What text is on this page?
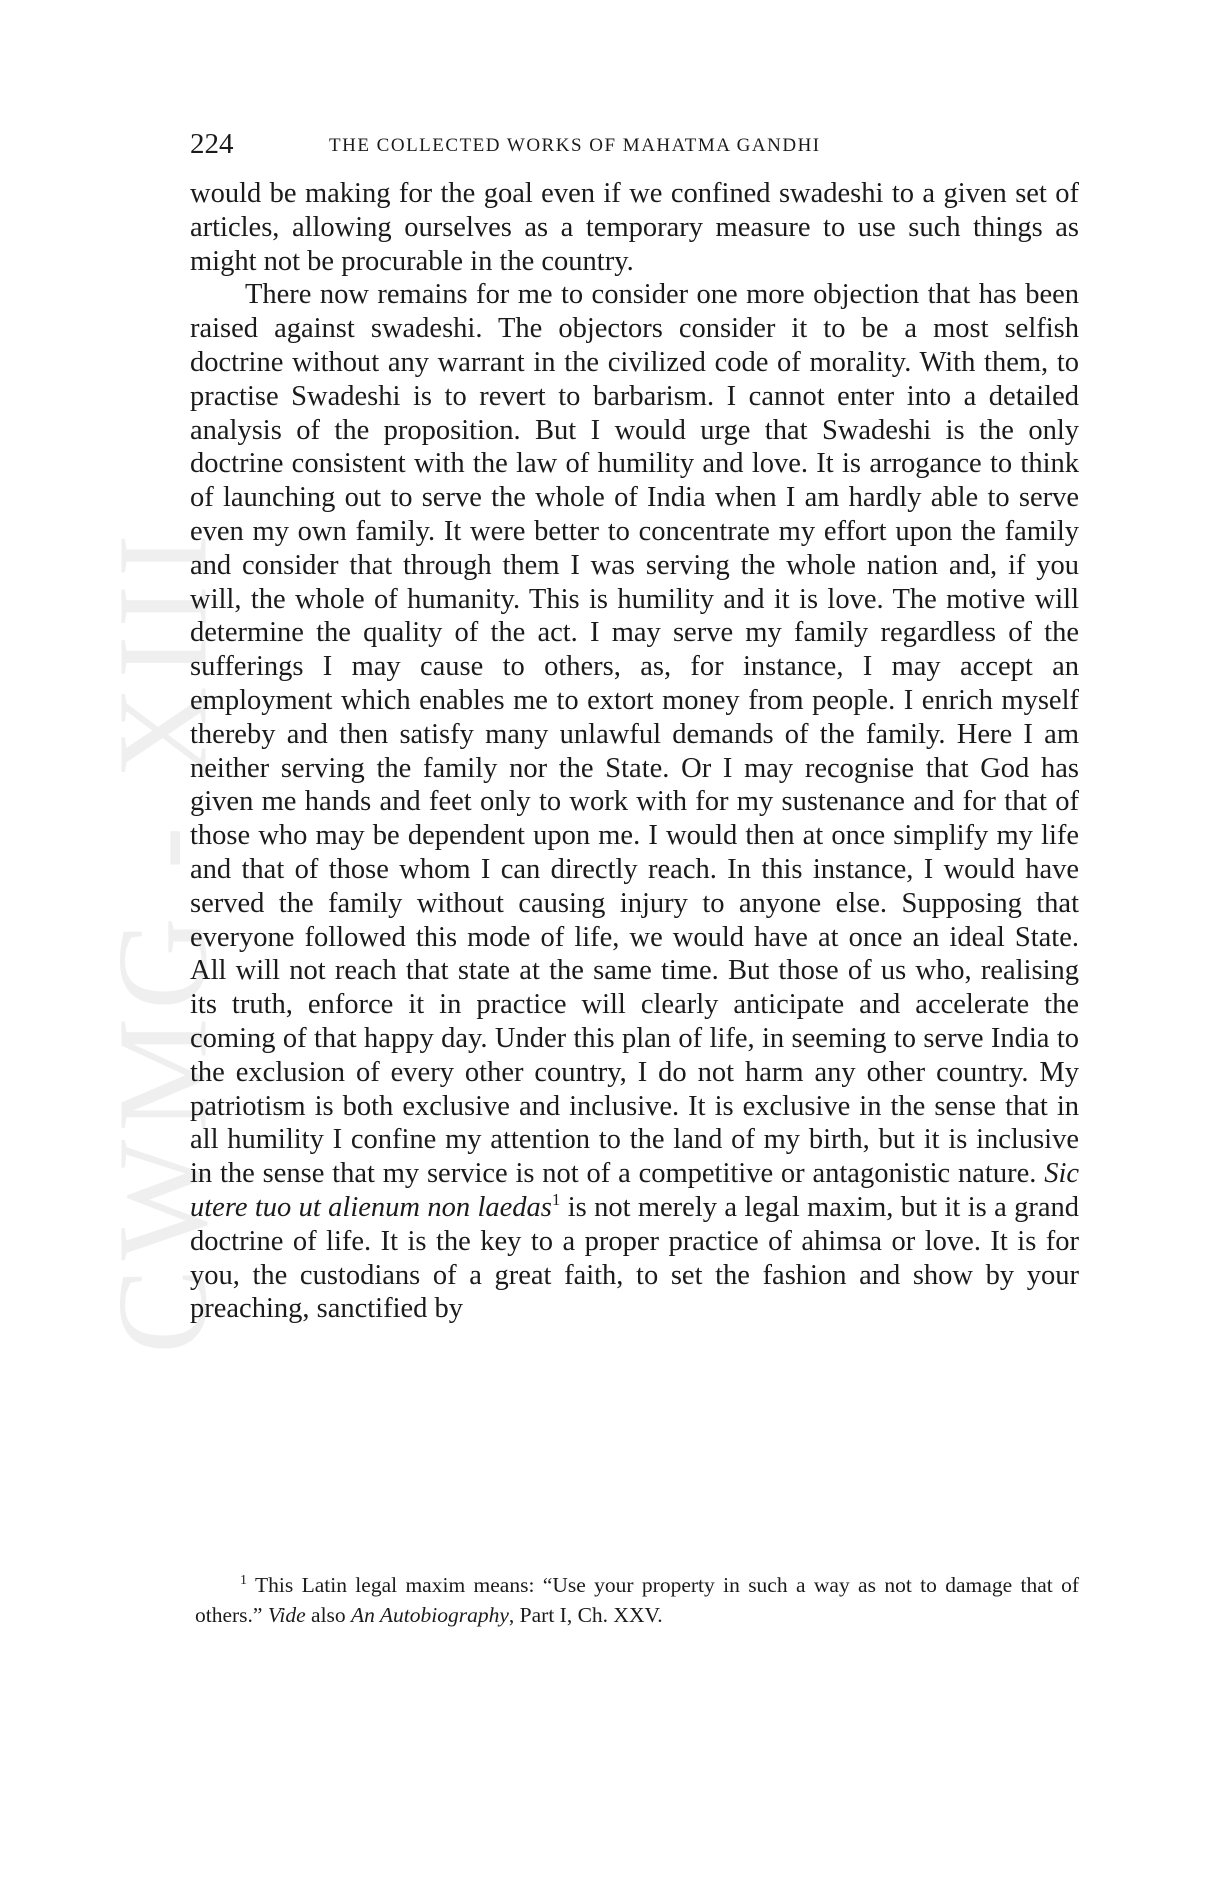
CWMG - XIII
224	THE COLLECTED WORKS OF MAHATMA GANDHI

would be making for the goal even if we confined swadeshi to a given set of articles, allowing ourselves as a temporary measure to use such things as might not be procurable in the country.

There now remains for me to consider one more objection that has been raised against swadeshi. The objectors consider it to be a most selfish doctrine without any warrant in the civilized code of morality. With them, to practise Swadeshi is to revert to barbarism. I cannot enter into a detailed analysis of the proposition. But I would urge that Swadeshi is the only doctrine consistent with the law of humility and love. It is arrogance to think of launching out to serve the whole of India when I am hardly able to serve even my own family. It were better to concentrate my effort upon the family and consider that through them I was serving the whole nation and, if you will, the whole of humanity. This is humility and it is love. The motive will determine the quality of the act. I may serve my family regardless of the sufferings I may cause to others, as, for instance, I may accept an employment which enables me to extort money from people. I enrich myself thereby and then satisfy many unlawful demands of the family. Here I am neither serving the family nor the State. Or I may recognise that God has given me hands and feet only to work with for my sustenance and for that of those who may be dependent upon me. I would then at once simplify my life and that of those whom I can directly reach. In this instance, I would have served the family without causing injury to anyone else. Supposing that everyone followed this mode of life, we would have at once an ideal State. All will not reach that state at the same time. But those of us who, realising its truth, enforce it in practice will clearly anticipate and accelerate the coming of that happy day. Under this plan of life, in seeming to serve India to the exclusion of every other country, I do not harm any other country. My patriotism is both exclusive and inclusive. It is exclusive in the sense that in all humility I confine my attention to the land of my birth, but it is inclusive in the sense that my service is not of a competitive or antagonistic nature. Sic utere tuo ut alienum non laedas$^1$ is not merely a legal maxim, but it is a grand doctrine of life. It is the key to a proper practice of ahimsa or love. It is for you, the custodians of a great faith, to set the fashion and show by your preaching, sanctified by

$^1$ This Latin legal maxim means: “Use your property in such a way as not to damage that of others.” Vide also An Autobiography, Part I, Ch. XXV.
